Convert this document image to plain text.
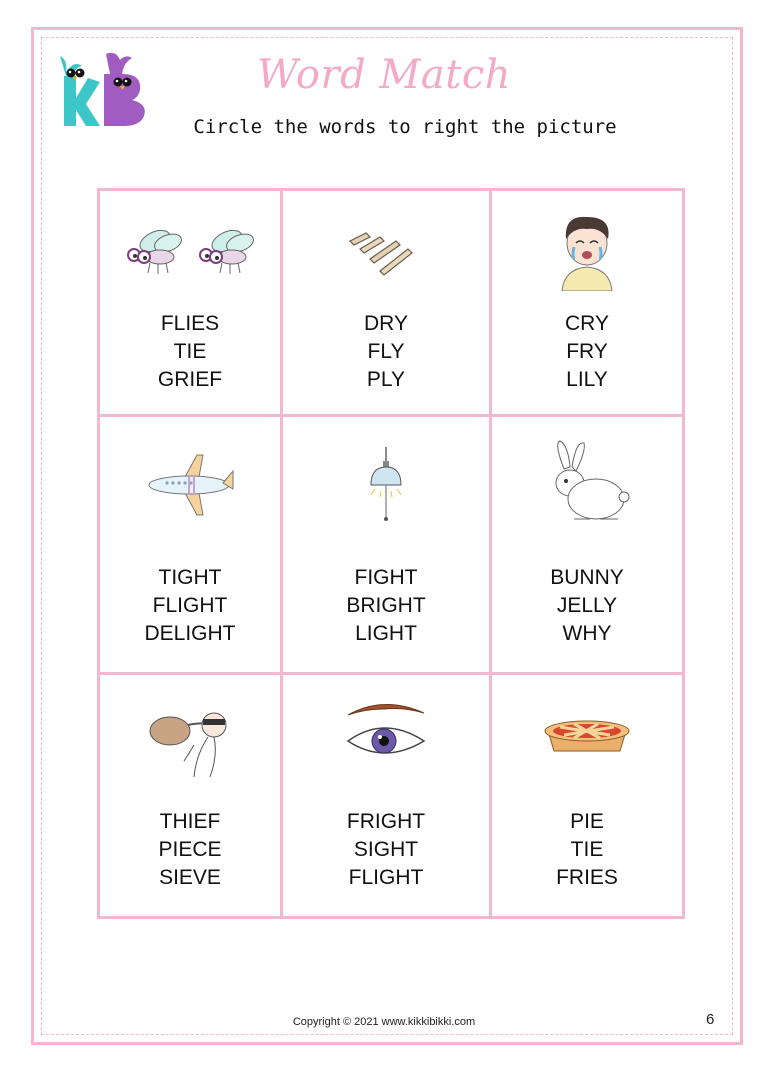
Word Match
Circle the words to right the picture
FLIES
TIE
GRIEF
DRY
FLY
PLY
CRY
FRY
LILY
TIGHT
FLIGHT
DELIGHT
FIGHT
BRIGHT
LIGHT
BUNNY
JELLY
WHY
THIEF
PIECE
SIEVE
FRIGHT
SIGHT
FLIGHT
PIE
TIE
FRIES
Copyright © 2021 www.kikkibikki.com	6
